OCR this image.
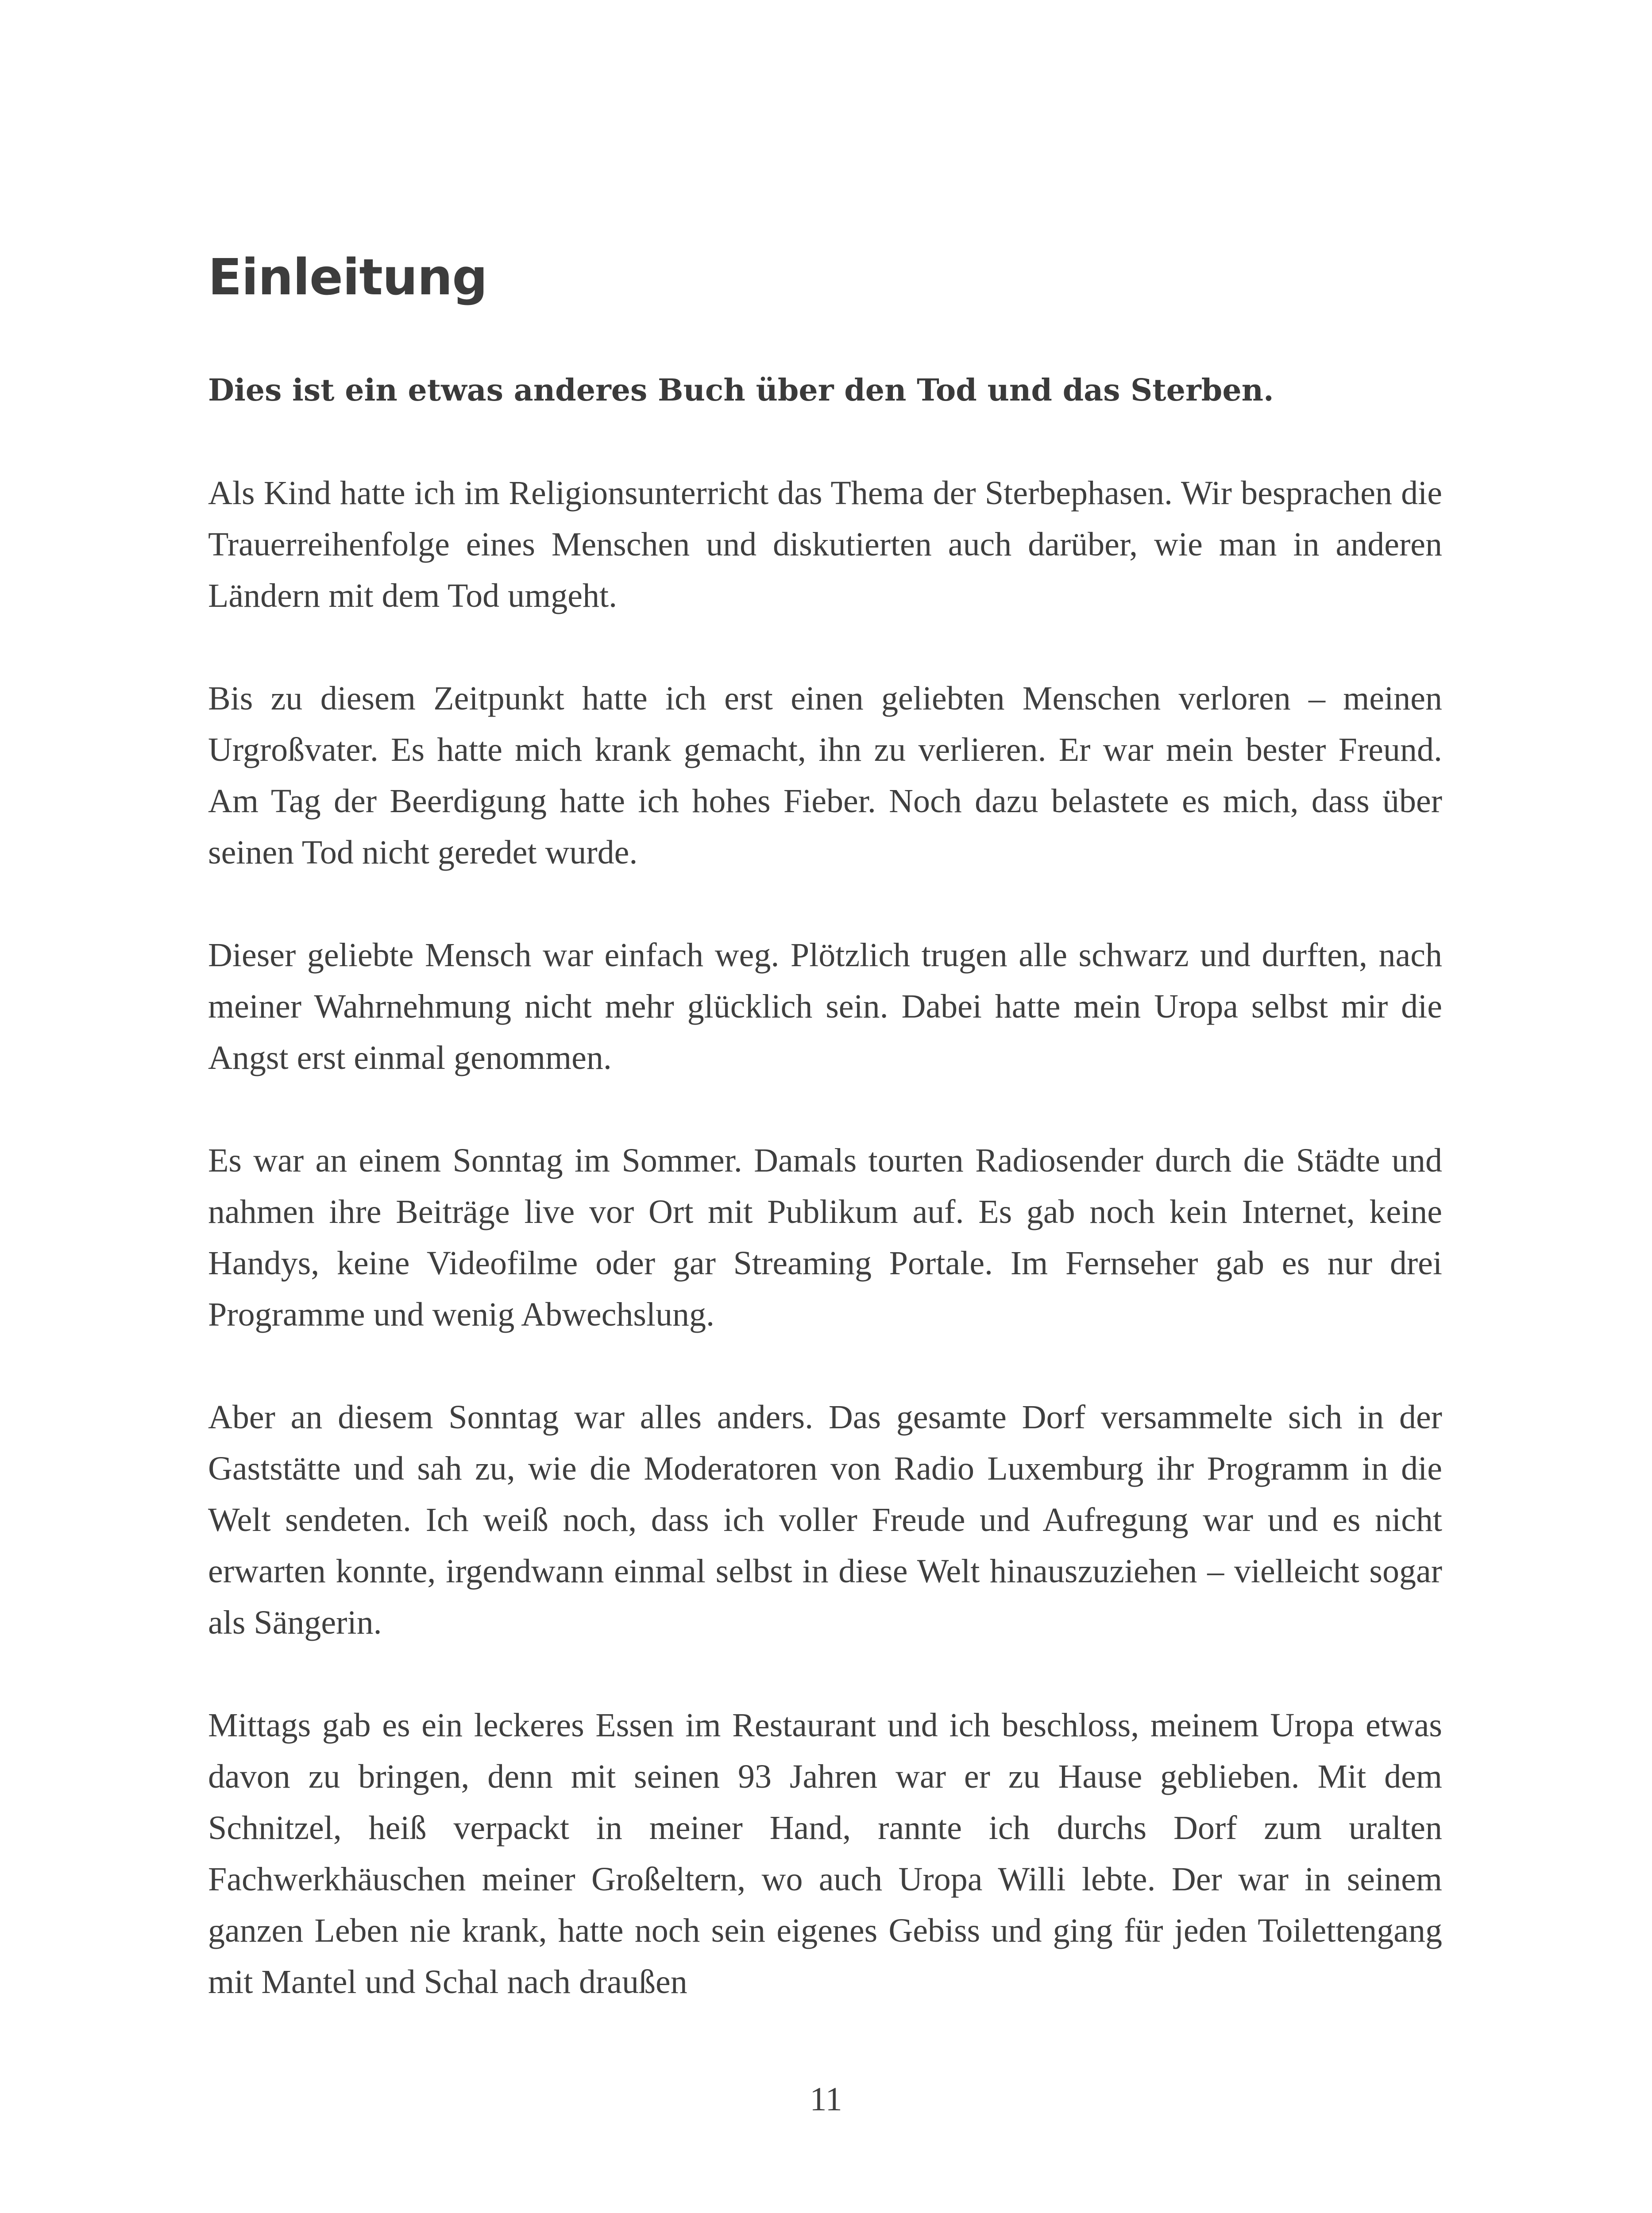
Einleitung

Dies ist ein etwas anderes Buch über den Tod und das Sterben.

Als Kind hatte ich im Religionsunterricht das Thema der Sterbephasen. Wir besprachen die Trauerreihenfolge eines Menschen und diskutierten auch darüber, wie man in anderen Ländern mit dem Tod umgeht.

Bis zu diesem Zeitpunkt hatte ich erst einen geliebten Menschen verloren – meinen Urgroßvater. Es hatte mich krank gemacht, ihn zu verlieren. Er war mein bester Freund. Am Tag der Beerdigung hatte ich hohes Fieber. Noch dazu belastete es mich, dass über seinen Tod nicht geredet wurde.

Dieser geliebte Mensch war einfach weg. Plötzlich trugen alle schwarz und durften, nach meiner Wahrnehmung nicht mehr glücklich sein. Dabei hatte mein Uropa selbst mir die Angst erst einmal genommen.

Es war an einem Sonntag im Sommer. Damals tourten Radiosender durch die Städte und nahmen ihre Beiträge live vor Ort mit Publikum auf. Es gab noch kein Internet, keine Handys, keine Videofilme oder gar Streaming Portale. Im Fernseher gab es nur drei Programme und wenig Abwechslung.

Aber an diesem Sonntag war alles anders. Das gesamte Dorf versammelte sich in der Gaststätte und sah zu, wie die Moderatoren von Radio Luxemburg ihr Programm in die Welt sendeten. Ich weiß noch, dass ich voller Freude und Aufregung war und es nicht erwarten konnte, irgendwann einmal selbst in diese Welt hinauszuziehen – vielleicht sogar als Sängerin.

Mittags gab es ein leckeres Essen im Restaurant und ich beschloss, meinem Uropa etwas davon zu bringen, denn mit seinen 93 Jahren war er zu Hause geblieben. Mit dem Schnitzel, heiß verpackt in meiner Hand, rannte ich durchs Dorf zum uralten Fachwerkhäuschen meiner Großeltern, wo auch Uropa Willi lebte. Der war in seinem ganzen Leben nie krank, hatte noch sein eigenes Gebiss und ging für jeden Toilettengang mit Mantel und Schal nach draußen

11
